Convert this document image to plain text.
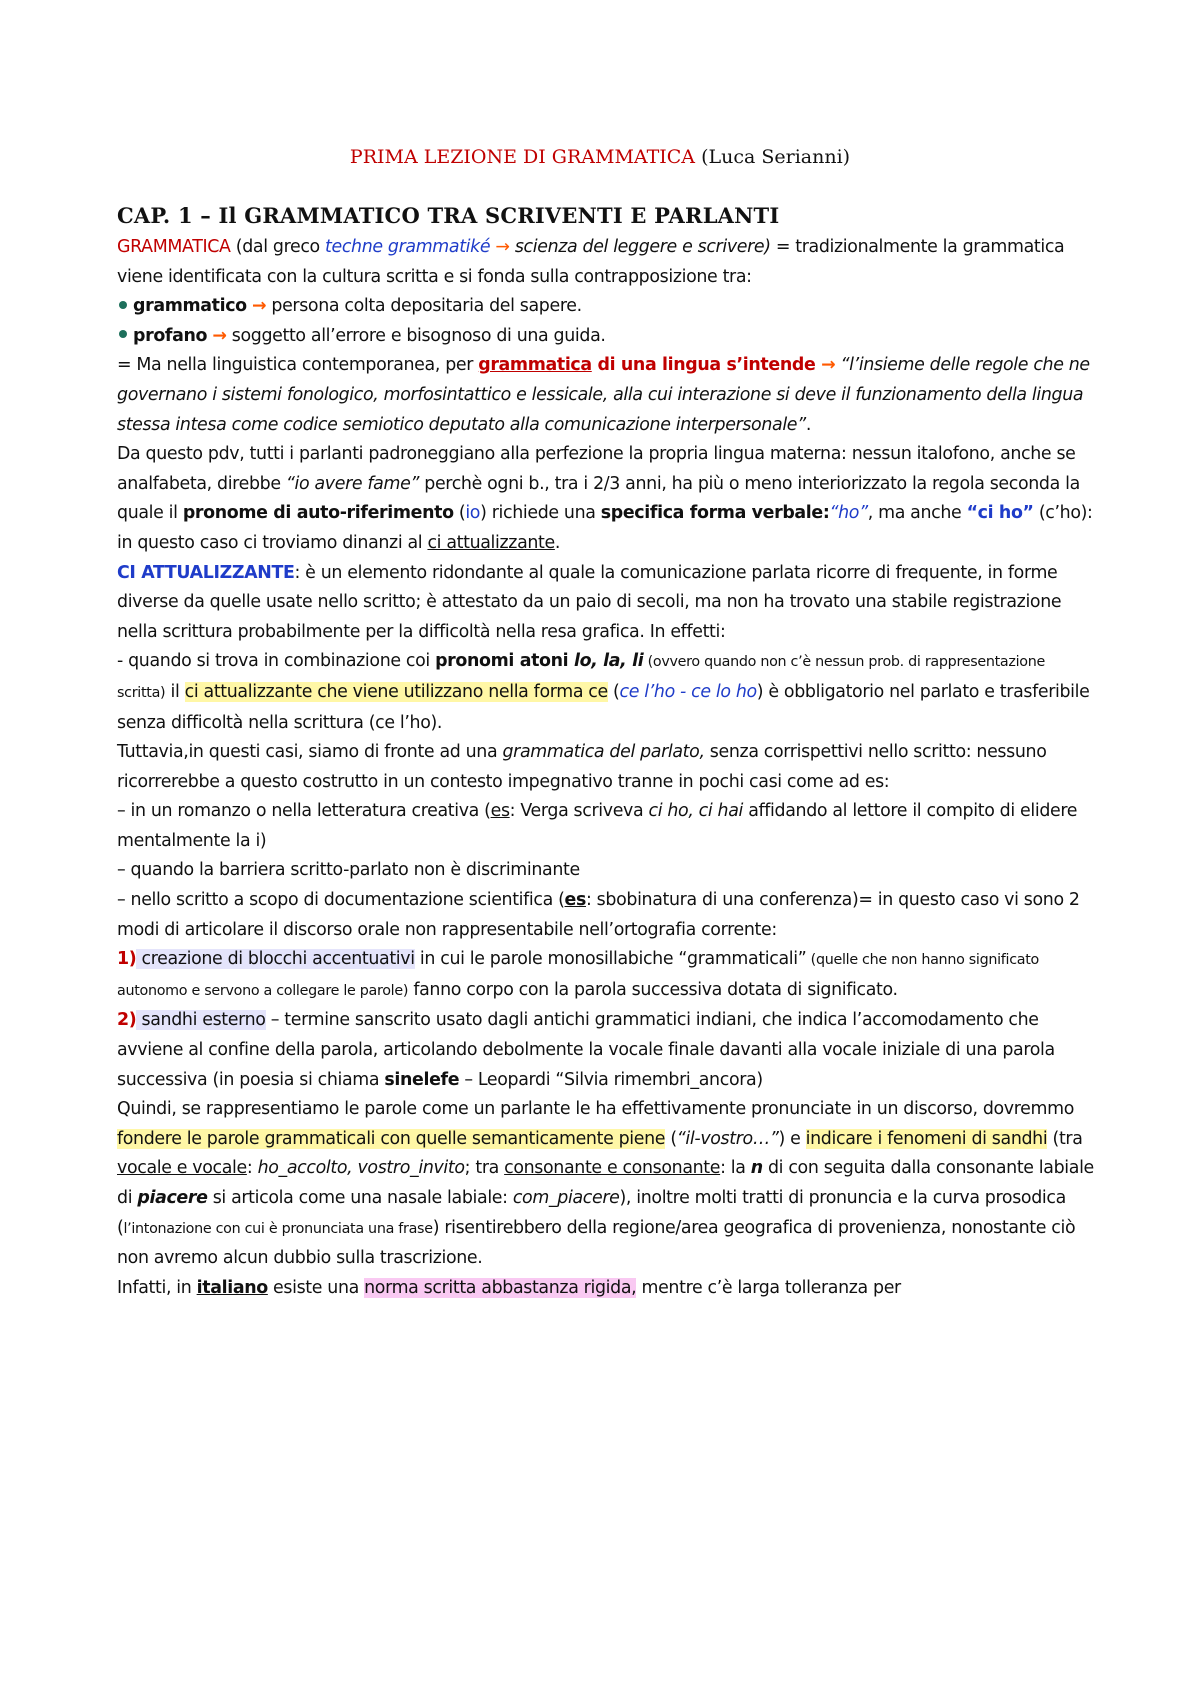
PRIMA LEZIONE DI GRAMMATICA (Luca Serianni)
CAP. 1 – Il GRAMMATICO TRA SCRIVENTI E PARLANTI

GRAMMATICA (dal greco techne grammatiké → scienza del leggere e scrivere) = tradizionalmente la grammatica viene identificata con la cultura scritta e si fonda sulla contrapposizione tra:

grammatico → persona colta depositaria del sapere.

profano → soggetto all’errore e bisognoso di una guida.

= Ma nella linguistica contemporanea, per grammatica di una lingua s’intende → “l’insieme delle regole che ne governano i sistemi fonologico, morfosintattico e lessicale, alla cui interazione si deve il funzionamento della lingua stessa intesa come codice semiotico deputato alla comunicazione interpersonale”.

Da questo pdv, tutti i parlanti padroneggiano alla perfezione la propria lingua materna: nessun italofono, anche se analfabeta, direbbe “io avere fame” perchè ogni b., tra i 2/3 anni, ha più o meno interiorizzato la regola seconda la quale il pronome di auto-riferimento (io) richiede una specifica forma verbale:“ho”, ma anche “ci ho” (c’ho): in questo caso ci troviamo dinanzi al ci attualizzante.

CI ATTUALIZZANTE: è un elemento ridondante al quale la comunicazione parlata ricorre di frequente, in forme diverse da quelle usate nello scritto; è attestato da un paio di secoli, ma non ha trovato una stabile registrazione nella scrittura probabilmente per la difficoltà nella resa grafica. In effetti:

- quando si trova in combinazione coi pronomi atoni lo, la, li (ovvero quando non c’è nessun prob. di rappresentazione scritta) il ci attualizzante che viene utilizzano nella forma ce (ce l’ho - ce lo ho) è obbligatorio nel parlato e trasferibile senza difficoltà nella scrittura (ce l’ho).

Tuttavia,in questi casi, siamo di fronte ad una grammatica del parlato, senza corrispettivi nello scritto: nessuno ricorrerebbe a questo costrutto in un contesto impegnativo tranne in pochi casi come ad es:

– in un romanzo o nella letteratura creativa (es: Verga scriveva ci ho, ci hai affidando al lettore il compito di elidere mentalmente la i)

– quando la barriera scritto-parlato non è discriminante

– nello scritto a scopo di documentazione scientifica (es: sbobinatura di una conferenza)= in questo caso vi sono 2 modi di articolare il discorso orale non rappresentabile nell’ortografia corrente:

1) creazione di blocchi accentuativi in cui le parole monosillabiche “grammaticali” (quelle che non hanno significato autonomo e servono a collegare le parole) fanno corpo con la parola successiva dotata di significato.

2) sandhi esterno – termine sanscrito usato dagli antichi grammatici indiani, che indica l’accomodamento che avviene al confine della parola, articolando debolmente la vocale finale davanti alla vocale iniziale di una parola successiva (in poesia si chiama sinelefe – Leopardi “Silvia rimembri_ancora)

Quindi, se rappresentiamo le parole come un parlante le ha effettivamente pronunciate in un discorso, dovremmo fondere le parole grammaticali con quelle semanticamente piene (“il-vostro…”) e indicare i fenomeni di sandhi (tra vocale e vocale: ho_accolto, vostro_invito; tra consonante e consonante: la n di con seguita dalla consonante labiale di piacere si articola come una nasale labiale: com_piacere), inoltre molti tratti di pronuncia e la curva prosodica (l’intonazione con cui è pronunciata una frase) risentirebbero della regione/area geografica di provenienza, nonostante ciò non avremo alcun dubbio sulla trascrizione.

Infatti, in italiano esiste una norma scritta abbastanza rigida, mentre c’è larga tolleranza per
